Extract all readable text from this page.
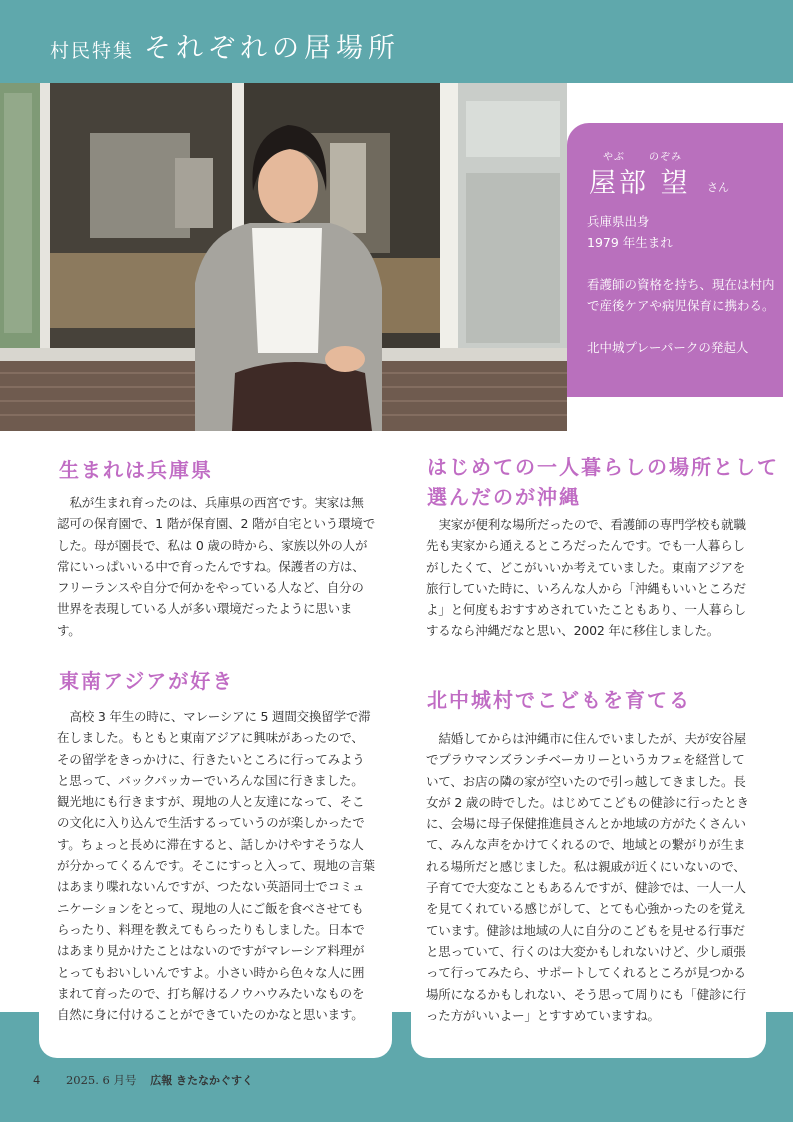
村民特集 それぞれの居場所
やぶ のぞみ
屋部 望 さん
兵庫県出身
1979 年生まれ
看護師の資格を持ち、現在は村内で産後ケアや病児保育に携わる。
北中城プレーパークの発起人
生まれは兵庫県

私が生まれ育ったのは、兵庫県の西宮です。実家は無認可の保育園で、1 階が保育園、2 階が自宅という環境でした。母が園長で、私は 0 歳の時から、家族以外の人が常にいっぱいいる中で育ったんですね。保護者の方は、フリーランスや自分で何かをやっている人など、自分の世界を表現している人が多い環境だったように思います。

東南アジアが好き

高校 3 年生の時に、マレーシアに 5 週間交換留学で滞在しました。もともと東南アジアに興味があったので、その留学をきっかけに、行きたいところに行ってみようと思って、バックパッカーでいろんな国に行きました。観光地にも行きますが、現地の人と友達になって、そこの文化に入り込んで生活するっていうのが楽しかったです。ちょっと長めに滞在すると、話しかけやすそうな人が分かってくるんです。そこにすっと入って、現地の言葉はあまり喋れないんですが、つたない英語同士でコミュニケーションをとって、現地の人にご飯を食べさせてもらったり、料理を教えてもらったりもしました。日本ではあまり見かけたことはないのですがマレーシア料理がとってもおいしいんですよ。小さい時から色々な人に囲まれて育ったので、打ち解けるノウハウみたいなものを自然に身に付けることができていたのかなと思います。

はじめての一人暮らしの場所として
選んだのが沖縄

実家が便利な場所だったので、看護師の専門学校も就職先も実家から通えるところだったんです。でも一人暮らしがしたくて、どこがいいか考えていました。東南アジアを旅行していた時に、いろんな人から「沖縄もいいところだよ」と何度もおすすめされていたこともあり、一人暮らしするなら沖縄だなと思い、2002 年に移住しました。

北中城村でこどもを育てる

結婚してからは沖縄市に住んでいましたが、夫が安谷屋でプラウマンズランチベーカリーというカフェを経営していて、お店の隣の家が空いたので引っ越してきました。長女が 2 歳の時でした。はじめてこどもの健診に行ったときに、会場に母子保健推進員さんとか地域の方がたくさんいて、みんな声をかけてくれるので、地域との繋がりが生まれる場所だと感じました。私は親戚が近くにいないので、子育てで大変なこともあるんですが、健診では、一人一人を見てくれている感じがして、とても心強かったのを覚えています。健診は地域の人に自分のこどもを見せる行事だと思っていて、行くのは大変かもしれないけど、少し頑張って行ってみたら、サポートしてくれるところが見つかる場所になるかもしれない、そう思って周りにも「健診に行った方がいいよー」とすすめていますね。

4 2025. 6 月号 広報 きたなかぐすく
